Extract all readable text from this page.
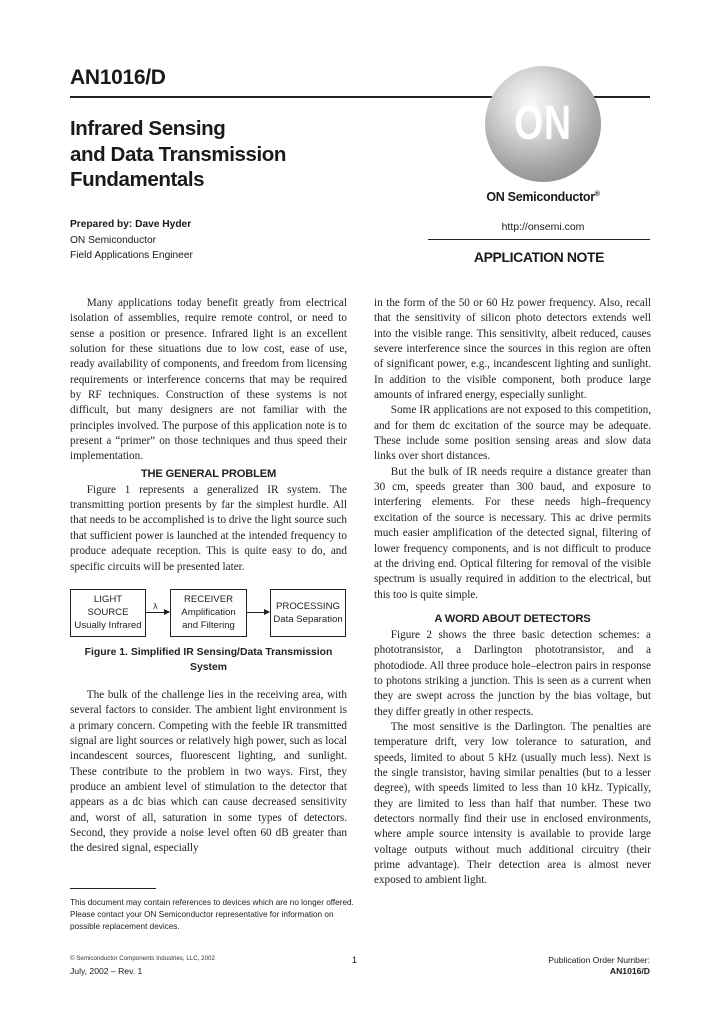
AN1016/D
Infrared Sensing
and Data Transmission
Fundamentals
Prepared by: Dave Hyder
ON Semiconductor
Field Applications Engineer
ON
ON Semiconductor®
http://onsemi.com
APPLICATION NOTE

Many applications today benefit greatly from electrical isolation of assemblies, require remote control, or need to sense a position or presence. Infrared light is an excellent solution for these situations due to low cost, ease of use, ready availability of components, and freedom from licensing requirements or interference concerns that may be required by RF techniques. Construction of these systems is not difficult, but many designers are not familiar with the principles involved. The purpose of this application note is to present a “primer” on those techniques and thus speed their implementation.

THE GENERAL PROBLEM

Figure 1 represents a generalized IR system. The transmitting portion presents by far the simplest hurdle. All that needs to be accomplished is to drive the light source such that sufficient power is launched at the intended frequency to produce adequate reception. This is quite easy to do, and specific circuits will be presented later.

LIGHT
SOURCE
Usually Infrared
λ
RECEIVER
Amplification
and Filtering
PROCESSING
Data Separation
Figure 1. Simplified IR Sensing/Data Transmission
System

The bulk of the challenge lies in the receiving area, with several factors to consider. The ambient light environment is a primary concern. Competing with the feeble IR transmitted signal are light sources or relatively high power, such as local incandescent sources, fluorescent lighting, and sunlight. These contribute to the problem in two ways. First, they produce an ambient level of stimulation to the detector that appears as a dc bias which can cause decreased sensitivity and, worst of all, saturation in some types of detectors. Second, they provide a noise level often 60 dB greater than the desired signal, especially

in the form of the 50 or 60 Hz power frequency. Also, recall that the sensitivity of silicon photo detectors extends well into the visible range. This sensitivity, albeit reduced, causes severe interference since the sources in this region are often of significant power, e.g., incandescent lighting and sunlight. In addition to the visible component, both produce large amounts of infrared energy, especially sunlight.

Some IR applications are not exposed to this competition, and for them dc excitation of the source may be adequate. These include some position sensing areas and slow data links over short distances.

But the bulk of IR needs require a distance greater than 30 cm, speeds greater than 300 baud, and exposure to interfering elements. For these needs high–frequency excitation of the source is necessary. This ac drive permits much easier amplification of the detected signal, filtering of lower frequency components, and is not difficult to produce at the driving end. Optical filtering for removal of the visible spectrum is usually required in addition to the electrical, but this too is quite simple.

A WORD ABOUT DETECTORS

Figure 2 shows the three basic detection schemes: a phototransistor, a Darlington phototransistor, and a photodiode. All three produce hole–electron pairs in response to photons striking a junction. This is seen as a current when they are swept across the junction by the bias voltage, but they differ greatly in other respects.

The most sensitive is the Darlington. The penalties are temperature drift, very low tolerance to saturation, and speeds, limited to about 5 kHz (usually much less). Next is the single transistor, having similar penalties (but to a lesser degree), with speeds limited to less than 10 kHz. Typically, they are limited to less than half that number. These two detectors normally find their use in enclosed environments, where ample source intensity is available to provide large voltage outputs without much additional circuitry (their prime advantage). Their detection area is almost never exposed to ambient light.

This document may contain references to devices which are no longer offered. Please contact your ON Semiconductor representative for information on possible replacement devices.
© Semiconductor Components Industries, LLC, 2002
July, 2002 – Rev. 1
1	Publication Order Number:
AN1016/D
